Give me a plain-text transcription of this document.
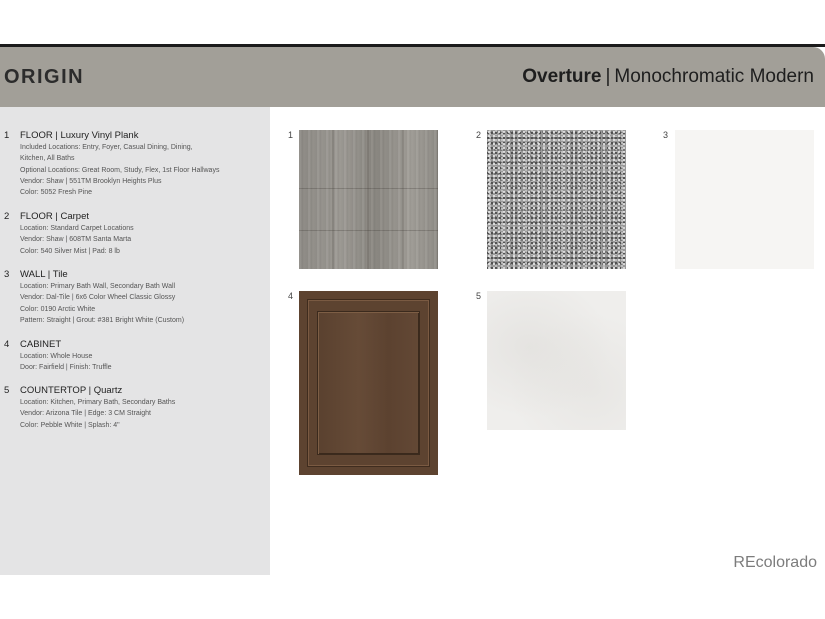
ORIGIN	Overture | Monochromatic Modern
1 FLOOR | Luxury Vinyl Plank
Included Locations: Entry, Foyer, Casual Dining, Dining,
Kitchen, All Baths
Optional Locations: Great Room, Study, Flex, 1st Floor Hallways
Vendor: Shaw | 551TM Brooklyn Heights Plus
Color: 5052 Fresh Pine
2 FLOOR | Carpet
Location: Standard Carpet Locations
Vendor: Shaw | 608TM Santa Marta
Color: 540 Silver Mist | Pad: 8 lb
3 WALL | Tile
Location: Primary Bath Wall, Secondary Bath Wall
Vendor: Dal-Tile | 6x6 Color Wheel Classic Glossy
Color: 0190 Arctic White
Pattern: Straight | Grout: #381 Bright White (Custom)
4 CABINET
Location: Whole House
Door: Fairfield | Finish: Truffle
5 COUNTERTOP | Quartz
Location: Kitchen, Primary Bath, Secondary Baths
Vendor: Arizona Tile | Edge: 3 CM Straight
Color: Pebble White | Splash: 4"
1	2	3
4	5
REcolorado
